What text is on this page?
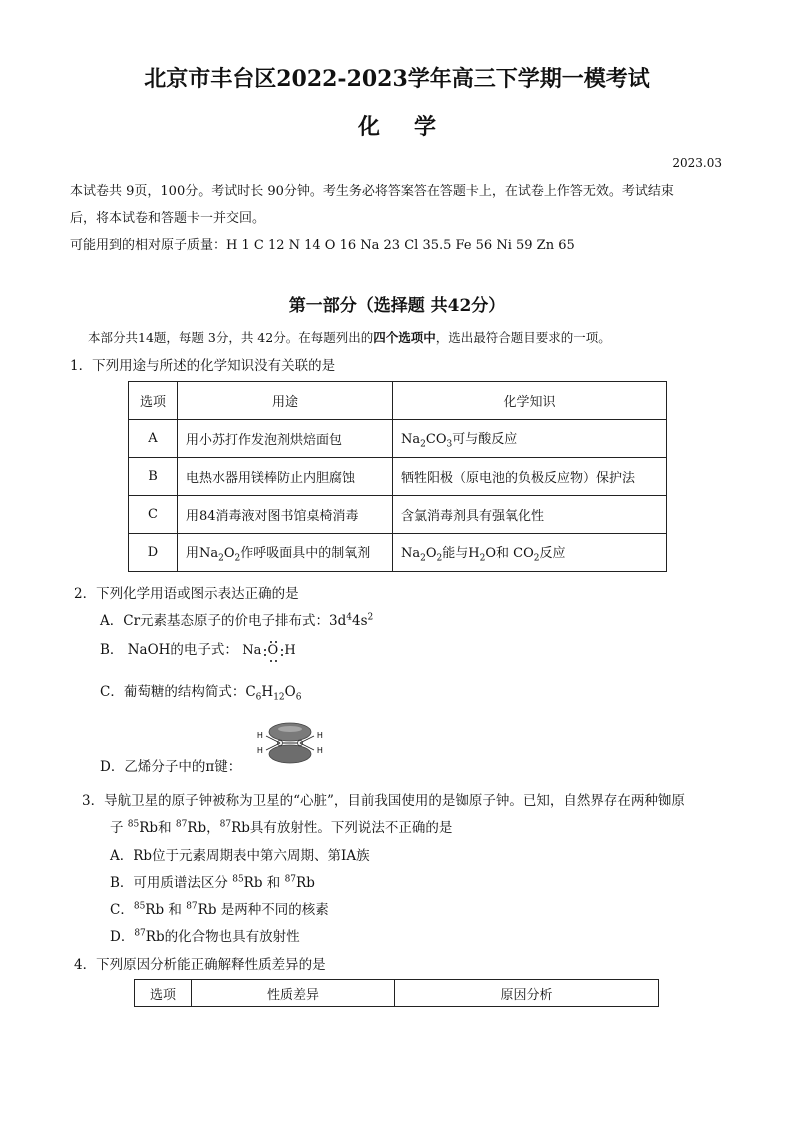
北京市丰台区2022-2023学年高三下学期一模考试
化学
2023.03
本试卷共 9页，100分。考试时长 90分钟。考生务必将答案答在答题卡上，在试卷上作答无效。考试结束
后，将本试卷和答题卡一并交回。
可能用到的相对原子质量：H 1 C 12 N 14 O 16 Na 23 Cl 35.5 Fe 56 Ni 59 Zn 65
第一部分（选择题 共42分）
本部分共14题，每题 3分，共 42分。在每题列出的四个选项中，选出最符合题目要求的一项。
1．下列用途与所述的化学知识没有关联的是
选项	用途	化学知识
A	用小苏打作发泡剂烘焙面包	$Na_2CO_3$可与酸反应
B	电热水器用镁棒防止内胆腐蚀	牺牲阳极（原电池的负极反应物）保护法
C	用84消毒液对图书馆桌椅消毒	含氯消毒剂具有强氧化性
D	用$Na_2O_2$作呼吸面具中的制氧剂	$Na_2O_2$能与$H_2O$和 $CO_2$反应
2．下列化学用语或图示表达正确的是
A．Cr元素基态原子的价电子排布式：$3d^44s^2$
B． NaOH的电子式： Na O H
C．葡萄糖的结构简式：$C_6H_{12}O_6$
D．乙烯分子中的π键：
H
H
H
H
3．导航卫星的原子钟被称为卫星的“心脏”，目前我国使用的是铷原子钟。已知，自然界存在两种铷原
子 $^{85}$Rb和 $^{87}$Rb，$^{87}$Rb具有放射性。下列说法不正确的是
A．Rb位于元素周期表中第六周期、第ⅠA族
B．可用质谱法区分 $^{85}$Rb 和 $^{87}$Rb
C．$^{85}$Rb 和 $^{87}$Rb 是两种不同的核素
D．$^{87}$Rb的化合物也具有放射性
4．下列原因分析能正确解释性质差异的是
选项	性质差异	原因分析
